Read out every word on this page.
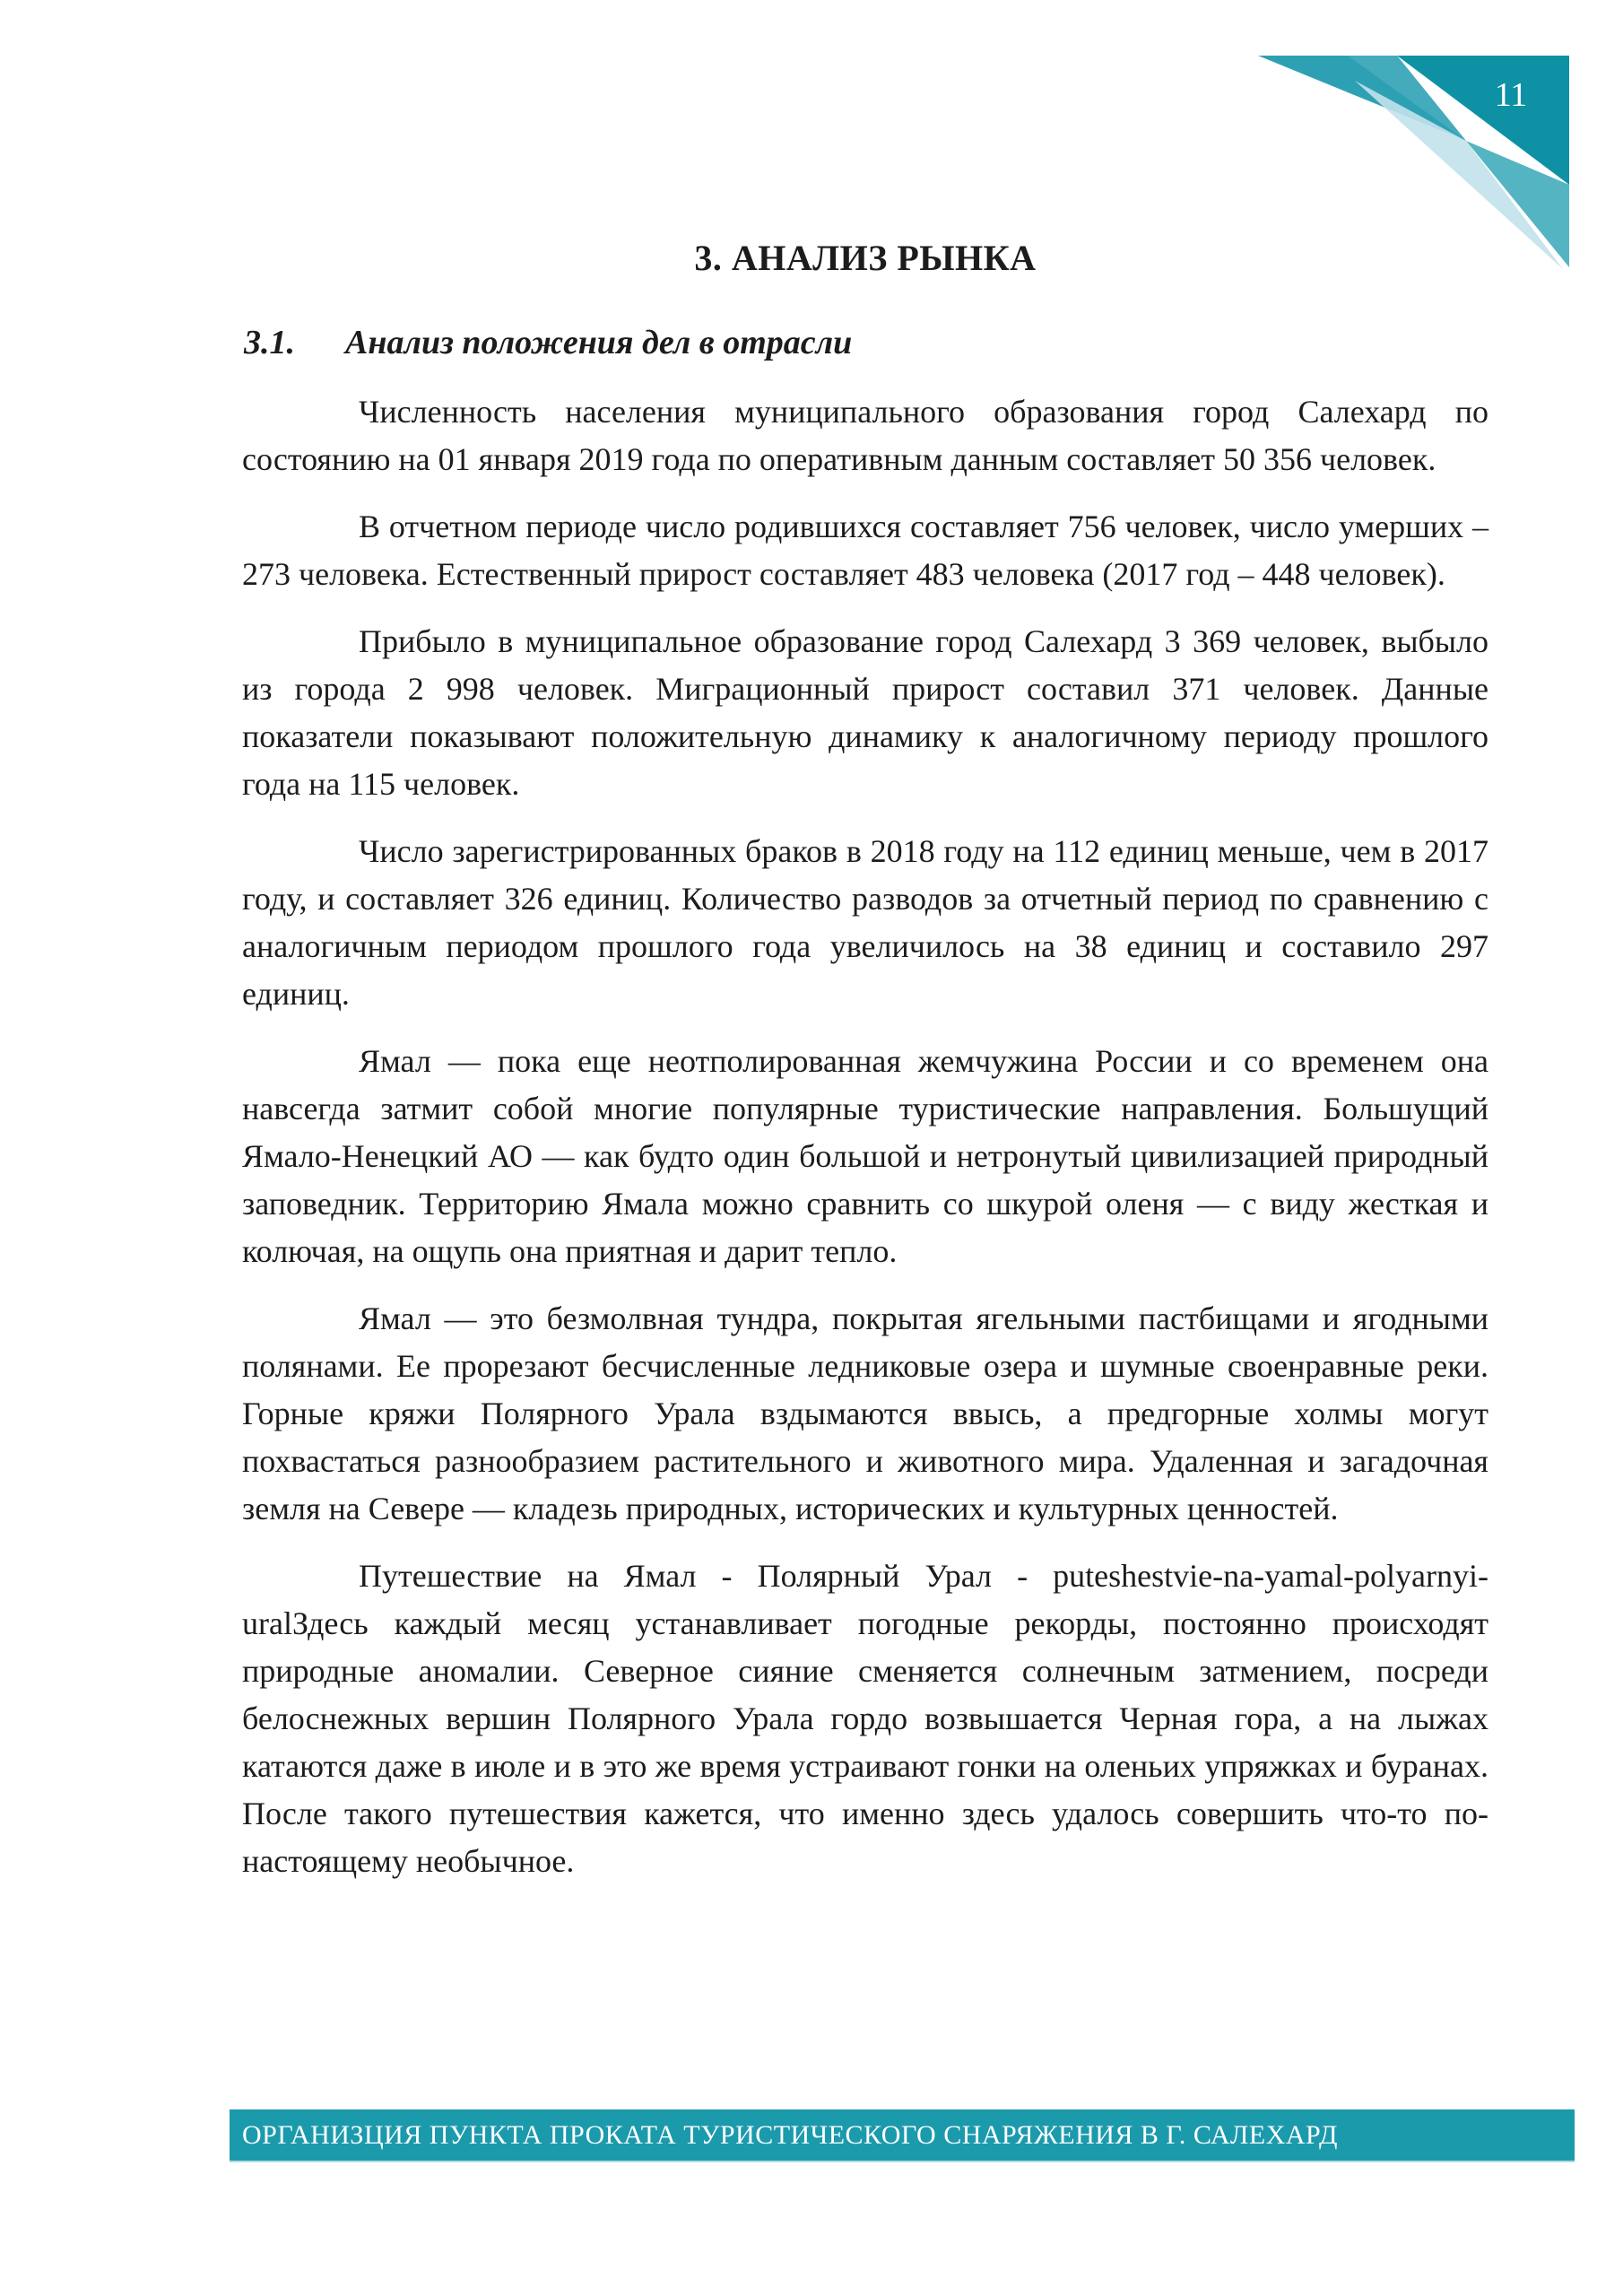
11
3. АНАЛИЗ РЫНКА
3.1.	Анализ положения дел в отрасли

Численность населения муниципального образования город Салехард по состоянию на 01 января 2019 года по оперативным данным составляет 50 356 человек.

В отчетном периоде число родившихся составляет 756 человек, число умерших – 273 человека. Естественный прирост составляет 483 человека (2017 год – 448 человек).

Прибыло в муниципальное образование город Салехард 3 369 человек, выбыло из города 2 998 человек. Миграционный прирост составил 371 человек. Данные показатели показывают положительную динамику к аналогичному периоду прошлого года на 115 человек.

Число зарегистрированных браков в 2018 году на 112 единиц меньше, чем в 2017 году, и составляет 326 единиц. Количество разводов за отчетный период по сравнению с аналогичным периодом прошлого года увеличилось на 38 единиц и составило 297 единиц.

Ямал — пока еще неотполированная жемчужина России и со временем она навсегда затмит собой многие популярные туристические направления. Большущий Ямало-Ненецкий АО — как будто один большой и нетронутый цивилизацией природный заповедник. Территорию Ямала можно сравнить со шкурой оленя — с виду жесткая и колючая, на ощупь она приятная и дарит тепло.

Ямал — это безмолвная тундра, покрытая ягельными пастбищами и ягодными полянами. Ее прорезают бесчисленные ледниковые озера и шумные своенравные реки. Горные кряжи Полярного Урала вздымаются ввысь, а предгорные холмы могут похвастаться разнообразием растительного и животного мира. Удаленная и загадочная земля на Севере — кладезь природных, исторических и культурных ценностей.

Путешествие на Ямал - Полярный Урал - puteshestvie-na-yamal-polyarnyi-uralЗдесь каждый месяц устанавливает погодные рекорды, постоянно происходят природные аномалии. Северное сияние сменяется солнечным затмением, посреди белоснежных вершин Полярного Урала гордо возвышается Черная гора, а на лыжах катаются даже в июле и в это же время устраивают гонки на оленьих упряжках и буранах. После такого путешествия кажется, что именно здесь удалось совершить что-то по-настоящему необычное.

ОРГАНИЗЦИЯ ПУНКТА ПРОКАТА ТУРИСТИЧЕСКОГО СНАРЯЖЕНИЯ В Г. САЛЕХАРД
